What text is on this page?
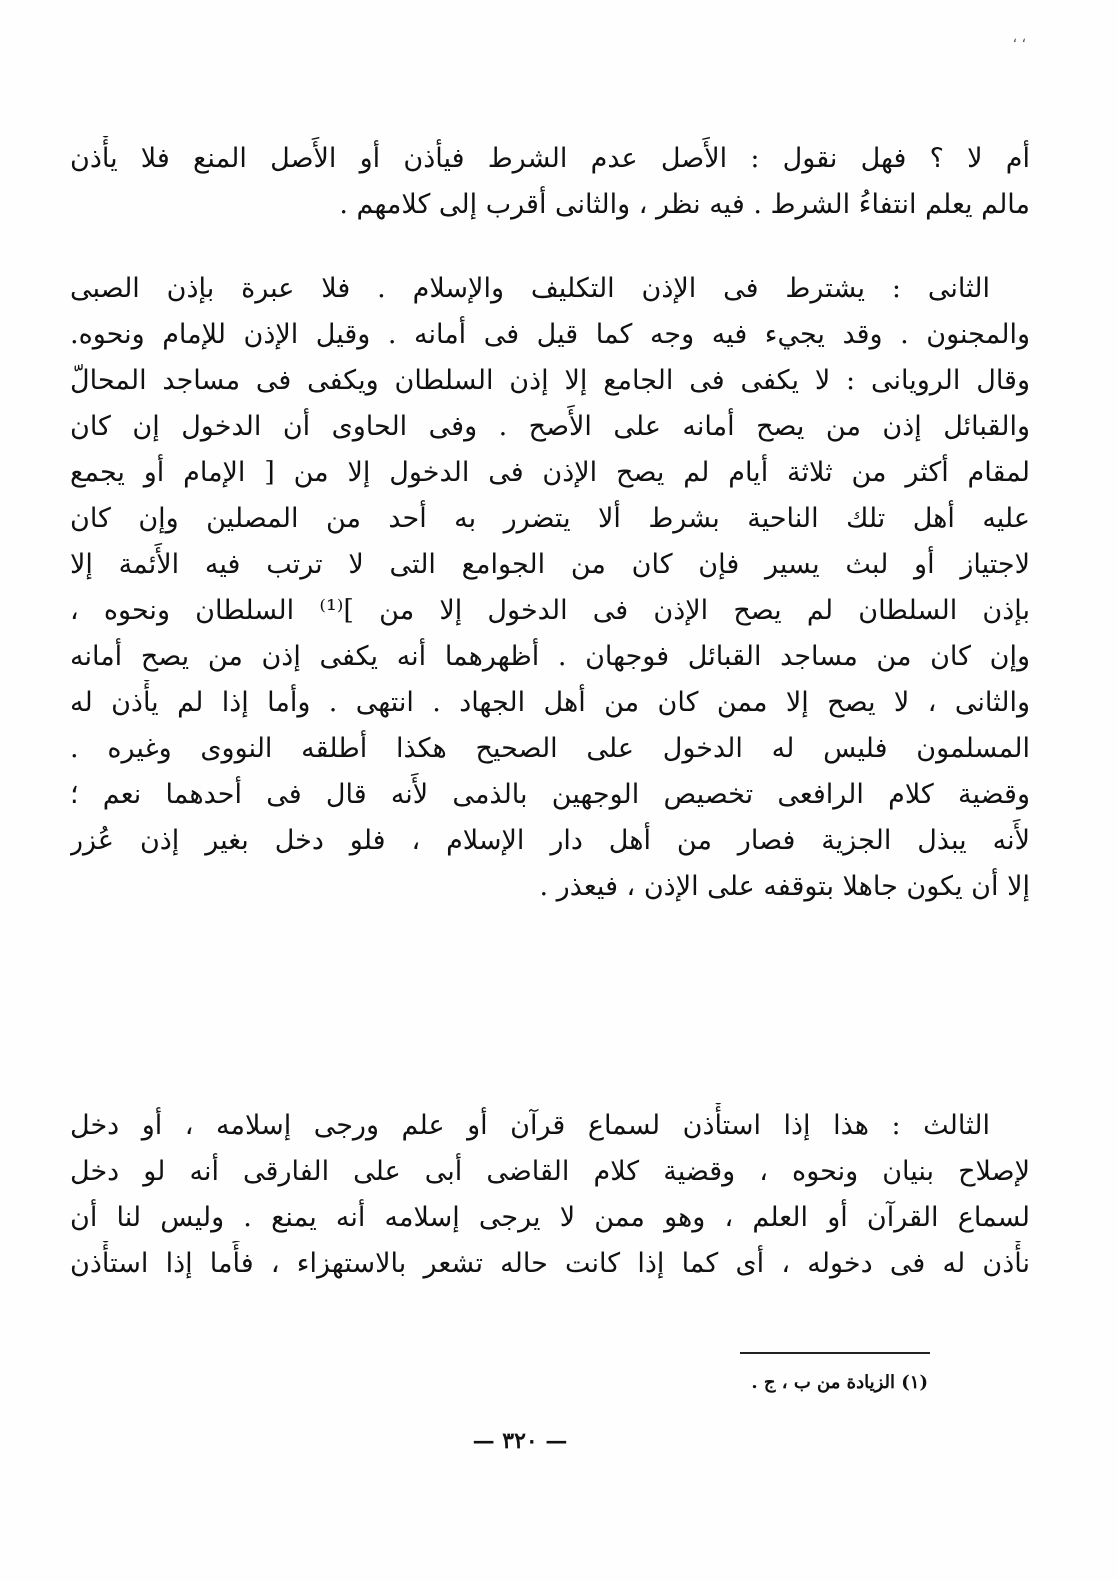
، ،
أم لا ؟ فهل نقول : الأَصل عدم الشرط فيأذن أو الأَصل المنع فلا يأْذن
مالم يعلم انتفاءُ الشرط . فيه نظر ، والثانى أقرب إلى كلامهم .
الثانى : يشترط فى الإذن التكليف والإسلام . فلا عبرة بإذن الصبى
والمجنون . وقد يجيء فيه وجه كما قيل فى أمانه . وقيل الإذن للإمام ونحوه.
وقال الرويانى : لا يكفى فى الجامع إلا إذن السلطان ويكفى فى مساجد المحالّ
والقبائل إذن من يصح أمانه على الأَصح . وفى الحاوى أن الدخول إن كان
لمقام أكثر من ثلاثة أيام لم يصح الإذن فى الدخول إلا من [ الإمام أو يجمع
عليه أهل تلك الناحية بشرط ألا يتضرر به أحد من المصلين وإن كان
لاجتياز أو لبث يسير فإن كان من الجوامع التى لا ترتب فيه الأَئمة إلا
بإذن السلطان لم يصح الإذن فى الدخول إلا من ]⁽¹⁾ السلطان ونحوه ،
وإن كان من مساجد القبائل فوجهان . أظهرهما أنه يكفى إذن من يصح أمانه
والثانى ، لا يصح إلا ممن كان من أهل الجهاد . انتهى . وأما إذا لم يأْذن له
المسلمون فليس له الدخول على الصحيح هكذا أطلقه النووى وغيره .
وقضية كلام الرافعى تخصيص الوجهين بالذمى لأَنه قال فى أحدهما نعم ؛
لأَنه يبذل الجزية فصار من أهل دار الإسلام ، فلو دخل بغير إذن عُزر
إلا أن يكون جاهلا بتوقفه على الإذن ، فيعذر .
الثالث : هذا إذا استأْذن لسماع قرآن أو علم ورجى إسلامه ، أو دخل
لإصلاح بنيان ونحوه ، وقضية كلام القاضى أبى على الفارقى أنه لو دخل
لسماع القرآن أو العلم ، وهو ممن لا يرجى إسلامه أنه يمنع . وليس لنا أن
نأْذن له فى دخوله ، أى كما إذا كانت حاله تشعر بالاستهزاء ، فأَما إذا استأْذن
(١) الزيادة من ب ، ج .
— ٣٢٠ —
